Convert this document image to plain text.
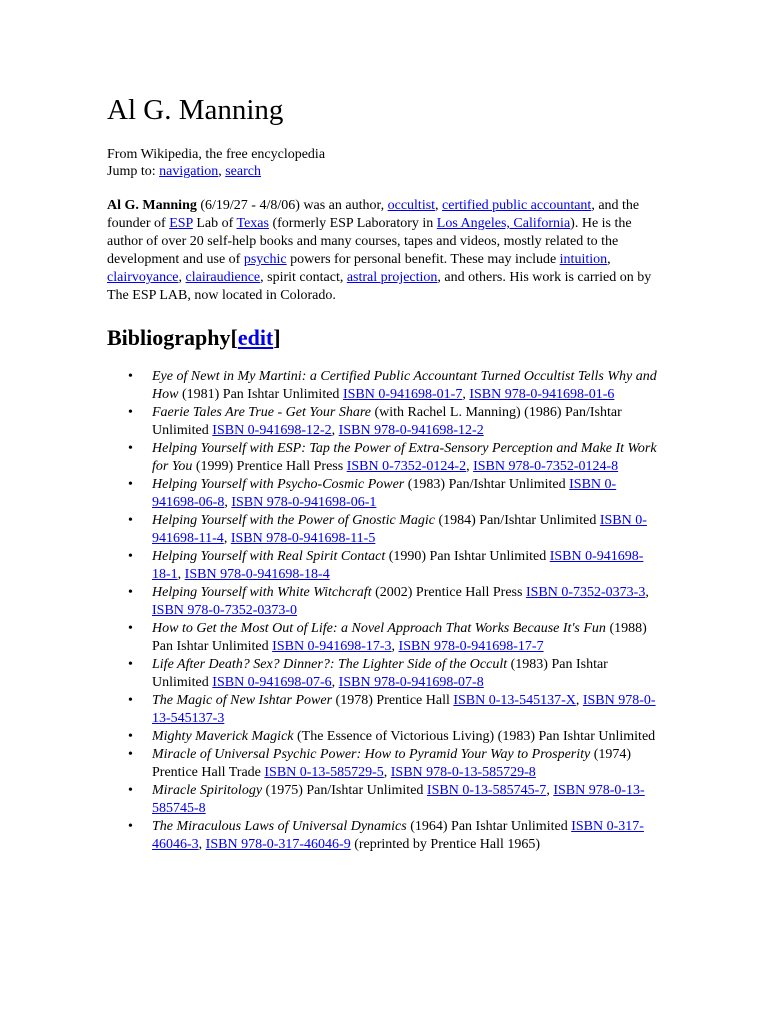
Al G. Manning
From Wikipedia, the free encyclopedia
Jump to: navigation, search

Al G. Manning (6/19/27 - 4/8/06) was an author, occultist, certified public accountant, and the founder of ESP Lab of Texas (formerly ESP Laboratory in Los Angeles, California). He is the author of over 20 self-help books and many courses, tapes and videos, mostly related to the development and use of psychic powers for personal benefit. These may include intuition, clairvoyance, clairaudience, spirit contact, astral projection, and others. His work is carried on by The ESP LAB, now located in Colorado.

Bibliography[edit]
• Eye of Newt in My Martini: a Certified Public Accountant Turned Occultist Tells Why and How (1981) Pan Ishtar Unlimited ISBN 0-941698-01-7, ISBN 978-0-941698-01-6
• Faerie Tales Are True - Get Your Share (with Rachel L. Manning) (1986) Pan/Ishtar Unlimited ISBN 0-941698-12-2, ISBN 978-0-941698-12-2
• Helping Yourself with ESP: Tap the Power of Extra-Sensory Perception and Make It Work for You (1999) Prentice Hall Press ISBN 0-7352-0124-2, ISBN 978-0-7352-0124-8
• Helping Yourself with Psycho-Cosmic Power (1983) Pan/Ishtar Unlimited ISBN 0-941698-06-8, ISBN 978-0-941698-06-1
• Helping Yourself with the Power of Gnostic Magic (1984) Pan/Ishtar Unlimited ISBN 0-941698-11-4, ISBN 978-0-941698-11-5
• Helping Yourself with Real Spirit Contact (1990) Pan Ishtar Unlimited ISBN 0-941698-18-1, ISBN 978-0-941698-18-4
• Helping Yourself with White Witchcraft (2002) Prentice Hall Press ISBN 0-7352-0373-3, ISBN 978-0-7352-0373-0
• How to Get the Most Out of Life: a Novel Approach That Works Because It's Fun (1988) Pan Ishtar Unlimited ISBN 0-941698-17-3, ISBN 978-0-941698-17-7
• Life After Death? Sex? Dinner?: The Lighter Side of the Occult (1983) Pan Ishtar Unlimited ISBN 0-941698-07-6, ISBN 978-0-941698-07-8
• The Magic of New Ishtar Power (1978) Prentice Hall ISBN 0-13-545137-X, ISBN 978-0-13-545137-3
• Mighty Maverick Magick (The Essence of Victorious Living) (1983) Pan Ishtar Unlimited
• Miracle of Universal Psychic Power: How to Pyramid Your Way to Prosperity (1974) Prentice Hall Trade ISBN 0-13-585729-5, ISBN 978-0-13-585729-8
• Miracle Spiritology (1975) Pan/Ishtar Unlimited ISBN 0-13-585745-7, ISBN 978-0-13-585745-8
• The Miraculous Laws of Universal Dynamics (1964) Pan Ishtar Unlimited ISBN 0-317-46046-3, ISBN 978-0-317-46046-9 (reprinted by Prentice Hall 1965)
